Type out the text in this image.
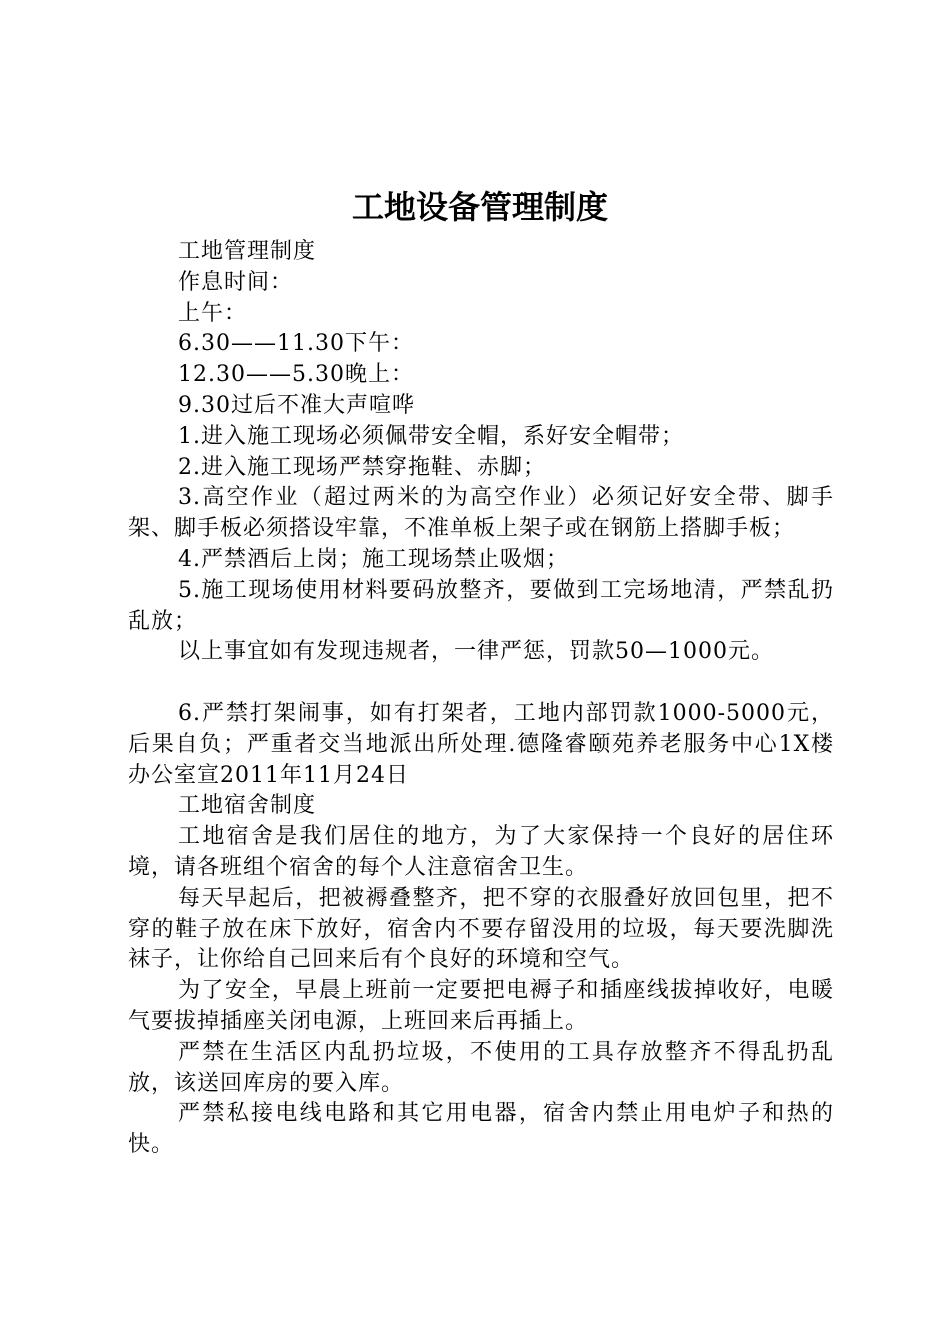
工地设备管理制度

工地管理制度

作息时间：

上午：

6.30——11.30下午：

12.30——5.30晚上：

9.30过后不准大声喧哗

1.进入施工现场必须佩带安全帽，系好安全帽带；

2.进入施工现场严禁穿拖鞋、赤脚；

3.高空作业（超过两米的为高空作业）必须记好安全带、脚手架、脚手板必须搭设牢靠，不准单板上架子或在钢筋上搭脚手板；

4.严禁酒后上岗；施工现场禁止吸烟；

5.施工现场使用材料要码放整齐，要做到工完场地清，严禁乱扔乱放；

以上事宜如有发现违规者，一律严惩，罚款50—1000元。

6.严禁打架闹事，如有打架者，工地内部罚款1000-5000元，后果自负；严重者交当地派出所处理.德隆睿颐苑养老服务中心1X楼办公室宣2011年11月24日

工地宿舍制度

工地宿舍是我们居住的地方，为了大家保持一个良好的居住环境，请各班组个宿舍的每个人注意宿舍卫生。

每天早起后，把被褥叠整齐，把不穿的衣服叠好放回包里，把不穿的鞋子放在床下放好，宿舍内不要存留没用的垃圾，每天要洗脚洗袜子，让你给自己回来后有个良好的环境和空气。

为了安全，早晨上班前一定要把电褥子和插座线拔掉收好，电暖气要拔掉插座关闭电源，上班回来后再插上。

严禁在生活区内乱扔垃圾，不使用的工具存放整齐不得乱扔乱放，该送回库房的要入库。

严禁私接电线电路和其它用电器，宿舍内禁止用电炉子和热的快。
